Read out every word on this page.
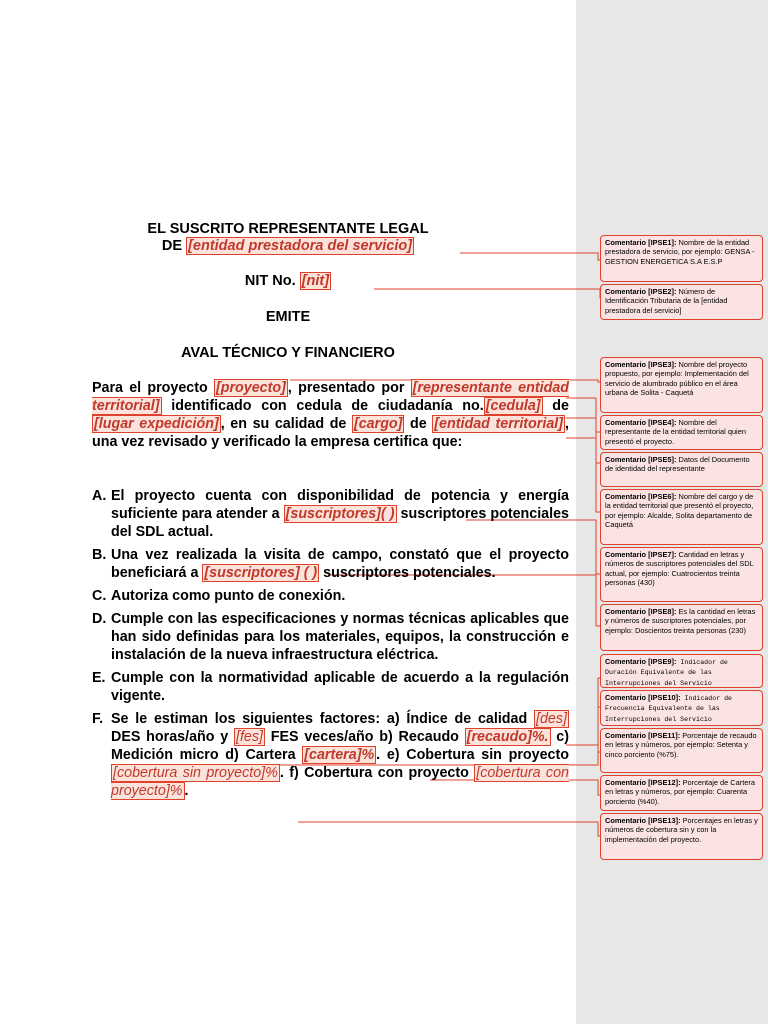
EL SUSCRITO REPRESENTANTE LEGAL
DE [entidad prestadora del servicio]
NIT No. [nit]
EMITE
AVAL TÉCNICO Y FINANCIERO
Para el proyecto [proyecto] , presentado por [representante entidad territorial] identificado con cedula de ciudadanía no. [cedula] de [lugar expedición] , en su calidad de [cargo] de [entidad territorial] , una vez revisado y verificado la empresa certifica que:
A. El proyecto cuenta con disponibilidad de potencia y energía suficiente para atender a [suscriptores]( ) suscriptores potenciales del SDL actual.
B. Una vez realizada la visita de campo, constató que el proyecto beneficiará a [suscriptores] ( ) suscriptores potenciales.
C. Autoriza como punto de conexión.
D. Cumple con las especificaciones y normas técnicas aplicables que han sido definidas para los materiales, equipos, la construcción e instalación de la nueva infraestructura eléctrica.
E. Cumple con la normatividad aplicable de acuerdo a la regulación vigente.
F. Se le estiman los siguientes factores: a) Índice de calidad [des] DES horas/año y [fes] FES veces/año b) Recaudo [recaudo]%. c) Medición micro d) Cartera [cartera]% . e) Cobertura sin proyecto [cobertura sin proyecto]% . f) Cobertura con proyecto [cobertura con proyecto]% .
Comentario [IPSE1]: Nombre de la entidad prestadora de servicio, por ejemplo: GENSA - GESTION ENERGETICA S.A E.S.P
Comentario [IPSE2]: Número de Identificación Tributaria de la [entidad prestadora del servicio]
Comentario [IPSE3]: Nombre del proyecto propuesto, por ejemplo: Implementación del servicio de alumbrado público en el área urbana de Solita - Caquetá
Comentario [IPSE4]: Nombre del representante de la entidad territorial quien presentó el proyecto.
Comentario [IPSE5]: Datos del Documento de identidad del representante
Comentario [IPSE6]: Nombre del cargo y de la entidad territorial que presentó el proyecto, por ejemplo: Alcalde, Solita departamento de Caquetá
Comentario [IPSE7]: Cantidad en letras y números de suscriptores potenciales del SDL actual, por ejemplo: Cuatrocientos treinta personas (430)
Comentario [IPSE8]: Es la cantidad en letras y números de suscriptores potenciales, por ejemplo: Doscientos treinta personas (230)
Comentario [IPSE9]: Indicador de Duración Equivalente de las Interrupciones del Servicio
Comentario [IPSE10]: Indicador de Frecuencia Equivalente de las Interrupciones del Servicio
Comentario [IPSE11]: Porcentaje de recaudo en letras y números, por ejemplo: Setenta y cinco porciento (%75).
Comentario [IPSE12]: Porcentaje de Cartera en letras y números, por ejemplo: Cuarenta porciento (%40).
Comentario [IPSE13]: Porcentajes en letras y números de cobertura sin y con la implementación del proyecto.
